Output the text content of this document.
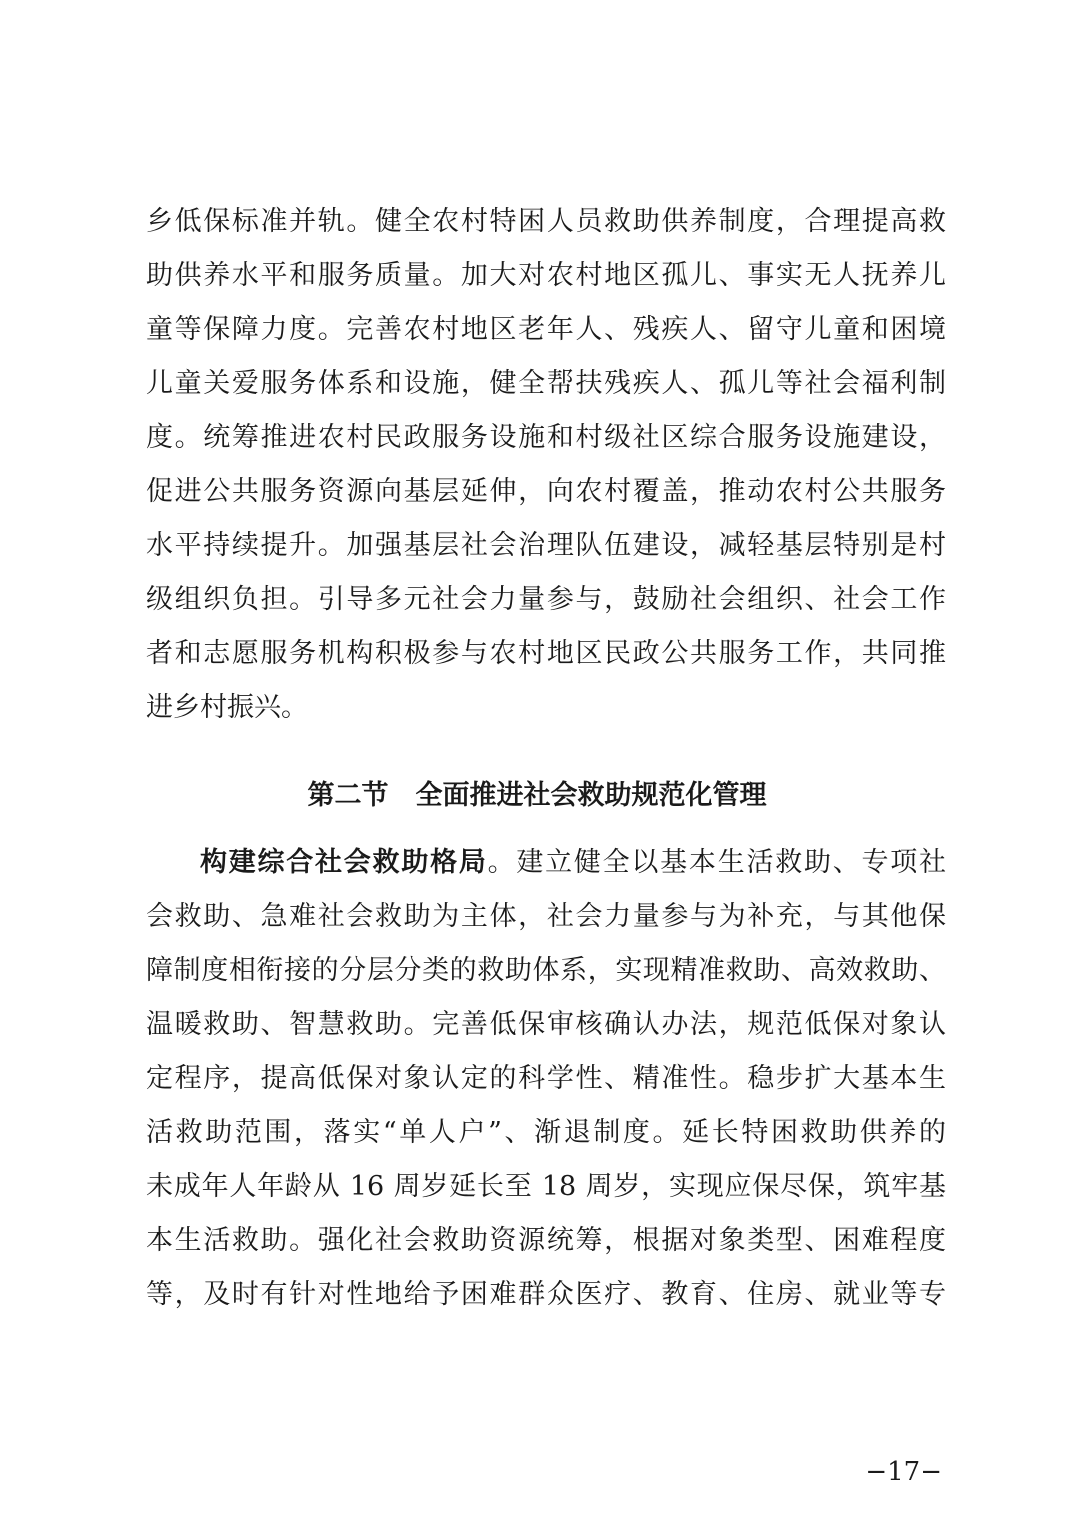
乡低保标准并轨。健全农村特困人员救助供养制度，合理提高救
助供养水平和服务质量。加大对农村地区孤儿、事实无人抚养儿
童等保障力度。完善农村地区老年人、残疾人、留守儿童和困境
儿童关爱服务体系和设施，健全帮扶残疾人、孤儿等社会福利制
度。统筹推进农村民政服务设施和村级社区综合服务设施建设，
促进公共服务资源向基层延伸，向农村覆盖，推动农村公共服务
水平持续提升。加强基层社会治理队伍建设，减轻基层特别是村
级组织负担。引导多元社会力量参与，鼓励社会组织、社会工作
者和志愿服务机构积极参与农村地区民政公共服务工作，共同推
进乡村振兴。
第二节　全面推进社会救助规范化管理
构建综合社会救助格局。建立健全以基本生活救助、专项社
会救助、急难社会救助为主体，社会力量参与为补充，与其他保
障制度相衔接的分层分类的救助体系，实现精准救助、高效救助、
温暖救助、智慧救助。完善低保审核确认办法，规范低保对象认
定程序，提高低保对象认定的科学性、精准性。稳步扩大基本生
活救助范围，落实“单人户”、渐退制度。延长特困救助供养的
未成年人年龄从 16 周岁延长至 18 周岁，实现应保尽保，筑牢基
本生活救助。强化社会救助资源统筹，根据对象类型、困难程度
等，及时有针对性地给予困难群众医疗、教育、住房、就业等专
−17−
